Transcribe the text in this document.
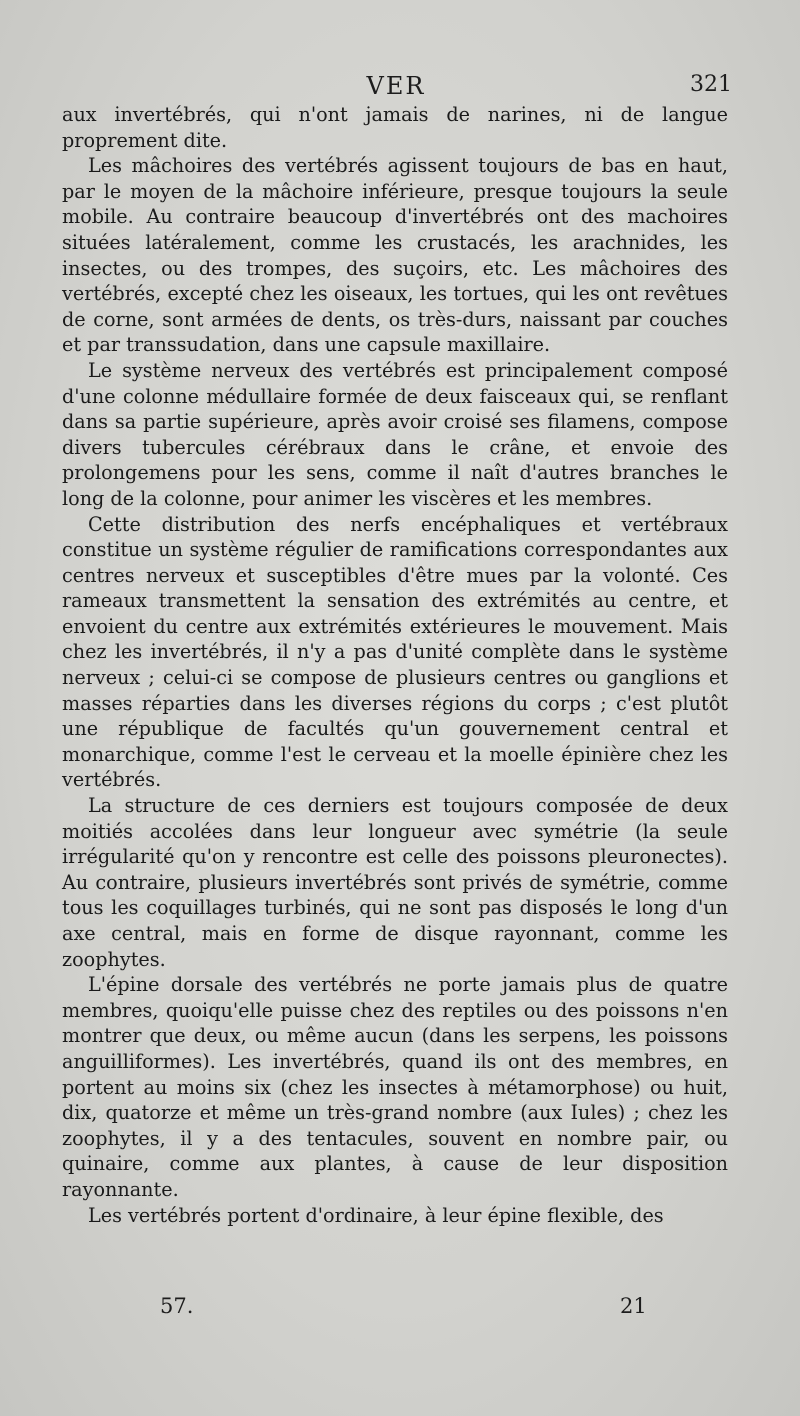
VER	321

aux invertébrés, qui n'ont jamais de narines, ni de langue proprement dite.

Les mâchoires des vertébrés agissent toujours de bas en haut, par le moyen de la mâchoire inférieure, presque toujours la seule mobile. Au contraire beaucoup d'invertébrés ont des machoires situées latéralement, comme les crustacés, les arachnides, les insectes, ou des trompes, des suçoirs, etc. Les mâchoires des vertébrés, excepté chez les oiseaux, les tortues, qui les ont revêtues de corne, sont armées de dents, os très-durs, naissant par couches et par transsudation, dans une capsule maxillaire.

Le système nerveux des vertébrés est principalement composé d'une colonne médullaire formée de deux faisceaux qui, se renflant dans sa partie supérieure, après avoir croisé ses filamens, compose divers tubercules cérébraux dans le crâne, et envoie des prolongemens pour les sens, comme il naît d'autres branches le long de la colonne, pour animer les viscères et les membres.

Cette distribution des nerfs encéphaliques et vertébraux constitue un système régulier de ramifications correspondantes aux centres nerveux et susceptibles d'être mues par la volonté. Ces rameaux transmettent la sensation des extrémités au centre, et envoient du centre aux extrémités extérieures le mouvement. Mais chez les invertébrés, il n'y a pas d'unité complète dans le système nerveux ; celui-ci se compose de plusieurs centres ou ganglions et masses réparties dans les diverses régions du corps ; c'est plutôt une république de facultés qu'un gouvernement central et monarchique, comme l'est le cerveau et la moelle épinière chez les vertébrés.

La structure de ces derniers est toujours composée de deux moitiés accolées dans leur longueur avec symétrie (la seule irrégularité qu'on y rencontre est celle des poissons pleuronectes). Au contraire, plusieurs invertébrés sont privés de symétrie, comme tous les coquillages turbinés, qui ne sont pas disposés le long d'un axe central, mais en forme de disque rayonnant, comme les zoophytes.

L'épine dorsale des vertébrés ne porte jamais plus de quatre membres, quoiqu'elle puisse chez des reptiles ou des poissons n'en montrer que deux, ou même aucun (dans les serpens, les poissons anguilliformes). Les invertébrés, quand ils ont des membres, en portent au moins six (chez les insectes à métamorphose) ou huit, dix, quatorze et même un très-grand nombre (aux Iules) ; chez les zoophytes, il y a des tentacules, souvent en nombre pair, ou quinaire, comme aux plantes, à cause de leur disposition rayonnante.

Les vertébrés portent d'ordinaire, à leur épine flexible, des

57.	21
